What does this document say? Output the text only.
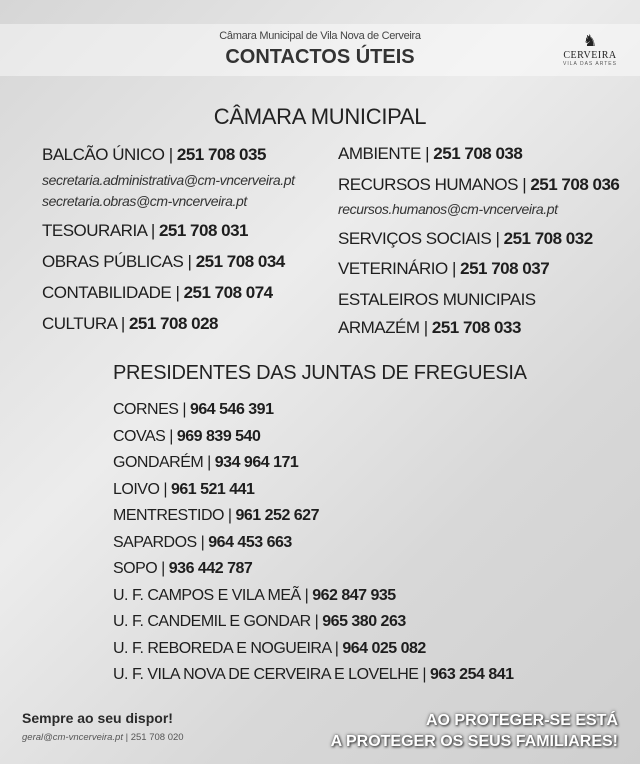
Câmara Municipal de Vila Nova de Cerveira
CONTACTOS ÚTEIS
♞
CERVEIRA
VILA DAS ARTES
CÂMARA MUNICIPAL
BALCÃO ÚNICO | 251 708 035
secretaria.administrativa@cm-vncerveira.pt
secretaria.obras@cm-vncerveira.pt
TESOURARIA | 251 708 031
OBRAS PÚBLICAS | 251 708 034
CONTABILIDADE | 251 708 074
CULTURA | 251 708 028
AMBIENTE | 251 708 038
RECURSOS HUMANOS | 251 708 036
recursos.humanos@cm-vncerveira.pt
SERVIÇOS SOCIAIS | 251 708 032
VETERINÁRIO | 251 708 037
ESTALEIROS MUNICIPAIS
ARMAZÉM | 251 708 033
PRESIDENTES DAS JUNTAS DE FREGUESIA
CORNES | 964 546 391
COVAS | 969 839 540
GONDARÉM | 934 964 171
LOIVO | 961 521 441
MENTRESTIDO | 961 252 627
SAPARDOS | 964 453 663
SOPO | 936 442 787
U. F. CAMPOS E VILA MEÃ | 962 847 935
U. F. CANDEMIL E GONDAR | 965 380 263
U. F. REBOREDA E NOGUEIRA | 964 025 082
U. F. VILA NOVA DE CERVEIRA E LOVELHE | 963 254 841
Sempre ao seu dispor!
geral@cm-vncerveira.pt | 251 708 020
AO PROTEGER-SE ESTÁ
A PROTEGER OS SEUS FAMILIARES!
